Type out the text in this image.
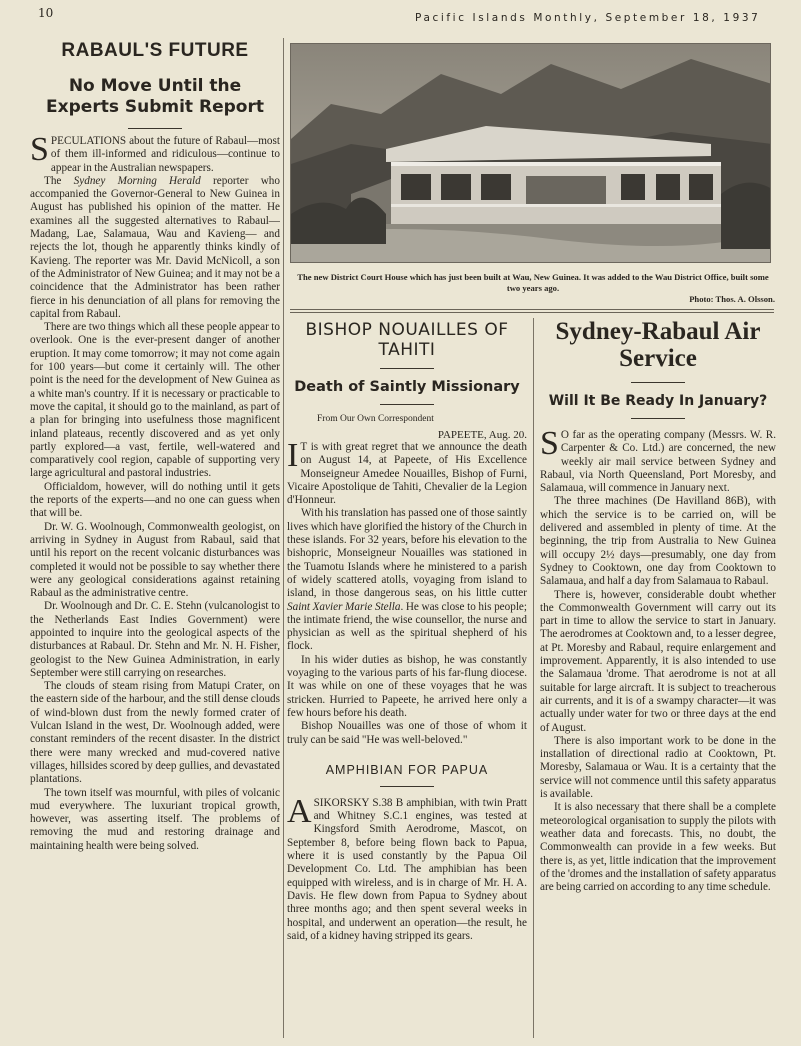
10	Pacific Islands Monthly, September 18, 1937
RABAUL'S FUTURE
No Move Until the Experts Submit Report

SPECULATIONS about the future of Rabaul—most of them ill-informed and ridiculous—continue to appear in the Australian newspapers.

The Sydney Morning Herald reporter who accompanied the Governor-General to New Guinea in August has published his opinion of the matter. He examines all the suggested alternatives to Rabaul—Madang, Lae, Salamaua, Wau and Kavieng— and rejects the lot, though he apparently thinks kindly of Kavieng. The reporter was Mr. David McNicoll, a son of the Administrator of New Guinea; and it may not be a coincidence that the Administrator has been rather fierce in his denunciation of all plans for removing the capital from Rabaul.

There are two things which all these people appear to overlook. One is the ever-present danger of another eruption. It may come tomorrow; it may not come again for 100 years—but come it certainly will. The other point is the need for the development of New Guinea as a white man's country. If it is necessary or practicable to move the capital, it should go to the mainland, as part of a plan for bringing into usefulness those magnificent inland plateaus, recently discovered and as yet only partly explored—a vast, fertile, well-watered and comparatively cool region, capable of supporting very large agricultural and pastoral industries.

Officialdom, however, will do nothing until it gets the reports of the experts—and no one can guess when that will be.

Dr. W. G. Woolnough, Commonwealth geologist, on arriving in Sydney in August from Rabaul, said that until his report on the recent volcanic disturbances was completed it would not be possible to say whether there were any geological considerations against retaining Rabaul as the administrative centre.

Dr. Woolnough and Dr. C. E. Stehn (vulcanologist to the Netherlands East Indies Government) were appointed to inquire into the geological aspects of the disturbances at Rabaul. Dr. Stehn and Mr. N. H. Fisher, geologist to the New Guinea Administration, in early September were still carrying on researches.

The clouds of steam rising from Matupi Crater, on the eastern side of the harbour, and the still dense clouds of wind-blown dust from the newly formed crater of Vulcan Island in the west, Dr. Woolnough added, were constant reminders of the recent disaster. In the district there were many wrecked and mud-covered native villages, hillsides scored by deep gullies, and devastated plantations.

The town itself was mournful, with piles of volcanic mud everywhere. The luxuriant tropical growth, however, was asserting itself. The problems of removing the mud and restoring drainage and maintaining health were being solved.

The new District Court House which has just been built at Wau, New Guinea. It was added to the Wau District Office, built some two years ago.
Photo: Thos. A. Olsson.
BISHOP NOUAILLES OF TAHITI
Death of Saintly Missionary
From Our Own Correspondent
PAPEETE, Aug. 20.

I T is with great regret that we announce the death on August 14, at Papeete, of His Excellence Monseigneur Amedee Nouailles, Bishop of Furni, Vicaire Apostolique de Tahiti, Chevalier de la Legion d'Honneur.

With his translation has passed one of those saintly lives which have glorified the history of the Church in these islands. For 32 years, before his elevation to the bishopric, Monseigneur Nouailles was stationed in the Tuamotu Islands where he ministered to a parish of widely scattered atolls, voyaging from island to island, in those dangerous seas, on his little cutter Saint Xavier Marie Stella. He was close to his people; the intimate friend, the wise counsellor, the nurse and physician as well as the spiritual shepherd of his flock.

In his wider duties as bishop, he was constantly voyaging to the various parts of his far-flung diocese. It was while on one of these voyages that he was stricken. Hurried to Papeete, he arrived here only a few hours before his death.

Bishop Nouailles was one of those of whom it truly can be said "He was well-beloved."

AMPHIBIAN FOR PAPUA

ASIKORSKY S.38 B amphibian, with twin Pratt and Whitney S.C.1 engines, was tested at Kingsford Smith Aerodrome, Mascot, on September 8, before being flown back to Papua, where it is used constantly by the Papua Oil Development Co. Ltd. The amphibian has been equipped with wireless, and is in charge of Mr. H. A. Davis. He flew down from Papua to Sydney about three months ago; and then spent several weeks in hospital, and underwent an operation—the result, he said, of a kidney having stripped its gears.

Sydney-Rabaul Air Service
Will It Be Ready In January?

S O far as the operating company (Messrs. W. R. Carpenter & Co. Ltd.) are concerned, the new weekly air mail service between Sydney and Rabaul, via North Queensland, Port Moresby, and Salamaua, will commence in January next.

The three machines (De Havilland 86B), with which the service is to be carried on, will be delivered and assembled in plenty of time. At the beginning, the trip from Australia to New Guinea will occupy 2½ days—presumably, one day from Sydney to Cooktown, one day from Cooktown to Salamaua, and half a day from Salamaua to Rabaul.

There is, however, considerable doubt whether the Commonwealth Government will carry out its part in time to allow the service to start in January. The aerodromes at Cooktown and, to a lesser degree, at Pt. Moresby and Rabaul, require enlargement and improvement. Apparently, it is also intended to use the Salamaua 'drome. That aerodrome is not at all suitable for large aircraft. It is subject to treacherous air currents, and it is of a swampy character—it was actually under water for two or three days at the end of August.

There is also important work to be done in the installation of directional radio at Cooktown, Pt. Moresby, Salamaua or Wau. It is a certainty that the service will not commence until this safety apparatus is available.

It is also necessary that there shall be a complete meteorological organisation to supply the pilots with weather data and forecasts. This, no doubt, the Commonwealth can provide in a few weeks. But there is, as yet, little indication that the improvement of the 'dromes and the installation of safety apparatus are being carried on according to any time schedule.
